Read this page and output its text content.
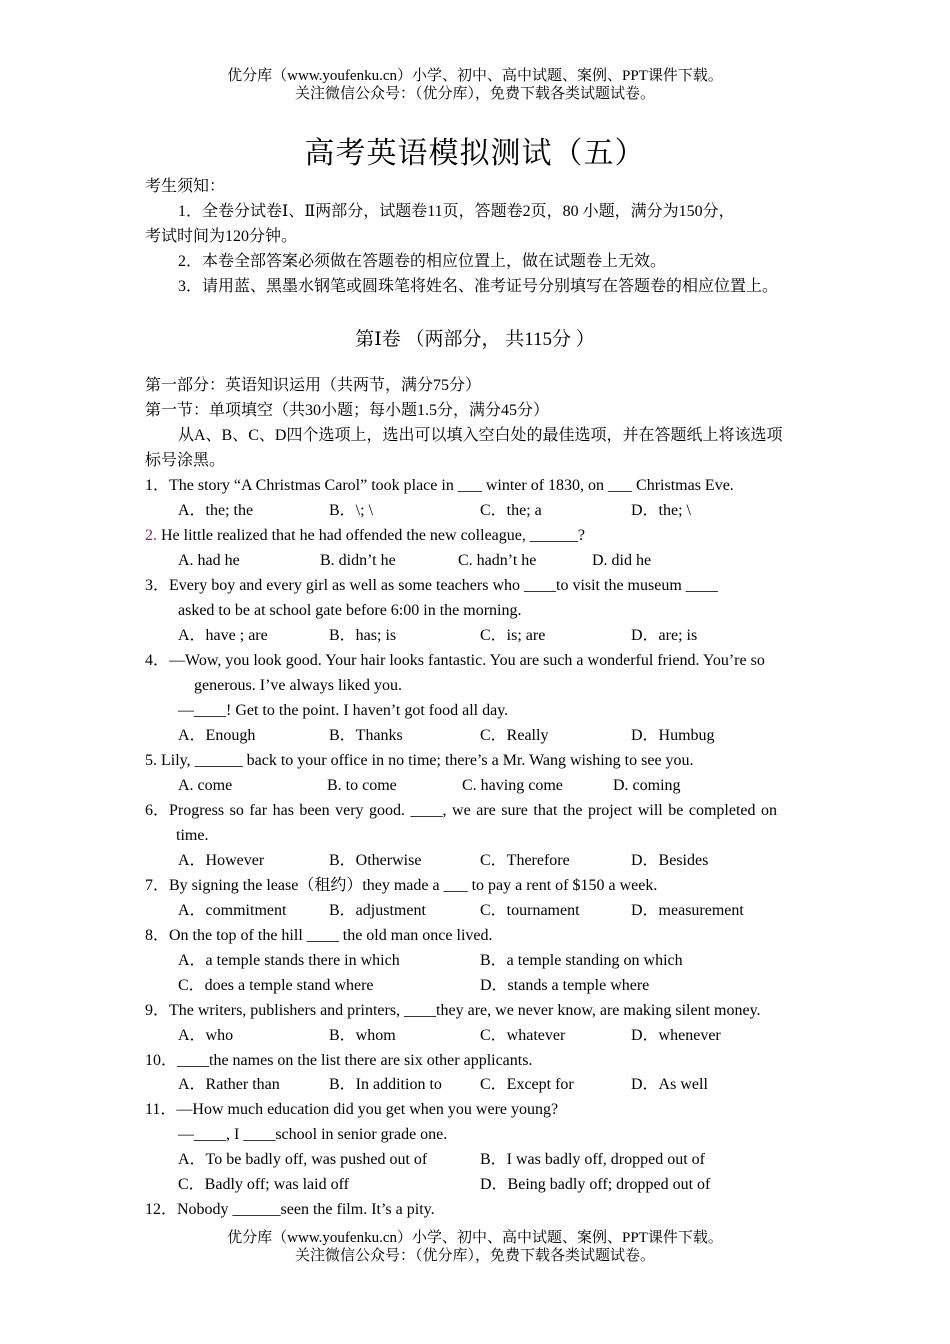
优分库（www.youfenku.cn）小学、初中、高中试题、案例、PPT课件下载。
关注微信公众号：（优分库），免费下载各类试题试卷。
高考英语模拟测试（五）
考生须知：
1．全卷分试卷Ⅰ、Ⅱ两部分，试题卷11页，答题卷2页，80 小题，满分为150分，
考试时间为120分钟。
2．本卷全部答案必须做在答题卷的相应位置上，做在试题卷上无效。
3．请用蓝、黑墨水钢笔或圆珠笔将姓名、准考证号分别填写在答题卷的相应位置上。
第Ⅰ卷 （两部分， 共115分 ）
第一部分：英语知识运用（共两节，满分75分）
第一节：单项填空（共30小题；每小题1.5分，满分45分）
从A、B、C、D四个选项上，选出可以填入空白处的最佳选项，并在答题纸上将该选项
标号涂黑。
1．The story “A Christmas Carol” took place in ___ winter of 1830, on ___ Christmas Eve.
A．the; the	B．\; \	C．the; a	D．the; \
2. He little realized that he had offended the new colleague, ______?
A. had he	B. didn’t he	C. hadn’t he	D. did he
3．Every boy and every girl as well as some teachers who ____to visit the museum ____
asked to be at school gate before 6:00 in the morning.
A．have ; are	B．has; is	C．is; are	D．are; is
4．—Wow, you look good. Your hair looks fantastic. You are such a wonderful friend. You’re so
generous. I’ve always liked you.
—____! Get to the point. I haven’t got food all day.
A．Enough	B．Thanks	C．Really	D．Humbug
5. Lily, ______ back to your office in no time; there’s a Mr. Wang wishing to see you.
A. come	B. to come	C. having come	D. coming
6．Progress so far has been very good. ____, we are sure that the project will be completed on
time.
A．However	B．Otherwise	C．Therefore	D．Besides
7．By signing the lease（租约）they made a ___ to pay a rent of $150 a week.
A．commitment	B．adjustment	C．tournament	D．measurement
8．On the top of the hill ____ the old man once lived.
A．a temple stands there in which	B．a temple standing on which
C．does a temple stand where	D．stands a temple where
9．The writers, publishers and printers, ____they are, we never know, are making silent money.
A．who	B．whom	C．whatever	D．whenever
10．____the names on the list there are six other applicants.
A．Rather than	B．In addition to C．Except for	D．As well
11．—How much education did you get when you were young?
—____, I ____school in senior grade one.
A．To be badly off, was pushed out of	B．I was badly off, dropped out of
C．Badly off; was laid off	D．Being badly off; dropped out of
12．Nobody ______seen the film. It’s a pity.
优分库（www.youfenku.cn）小学、初中、高中试题、案例、PPT课件下载。
关注微信公众号：（优分库），免费下载各类试题试卷。
